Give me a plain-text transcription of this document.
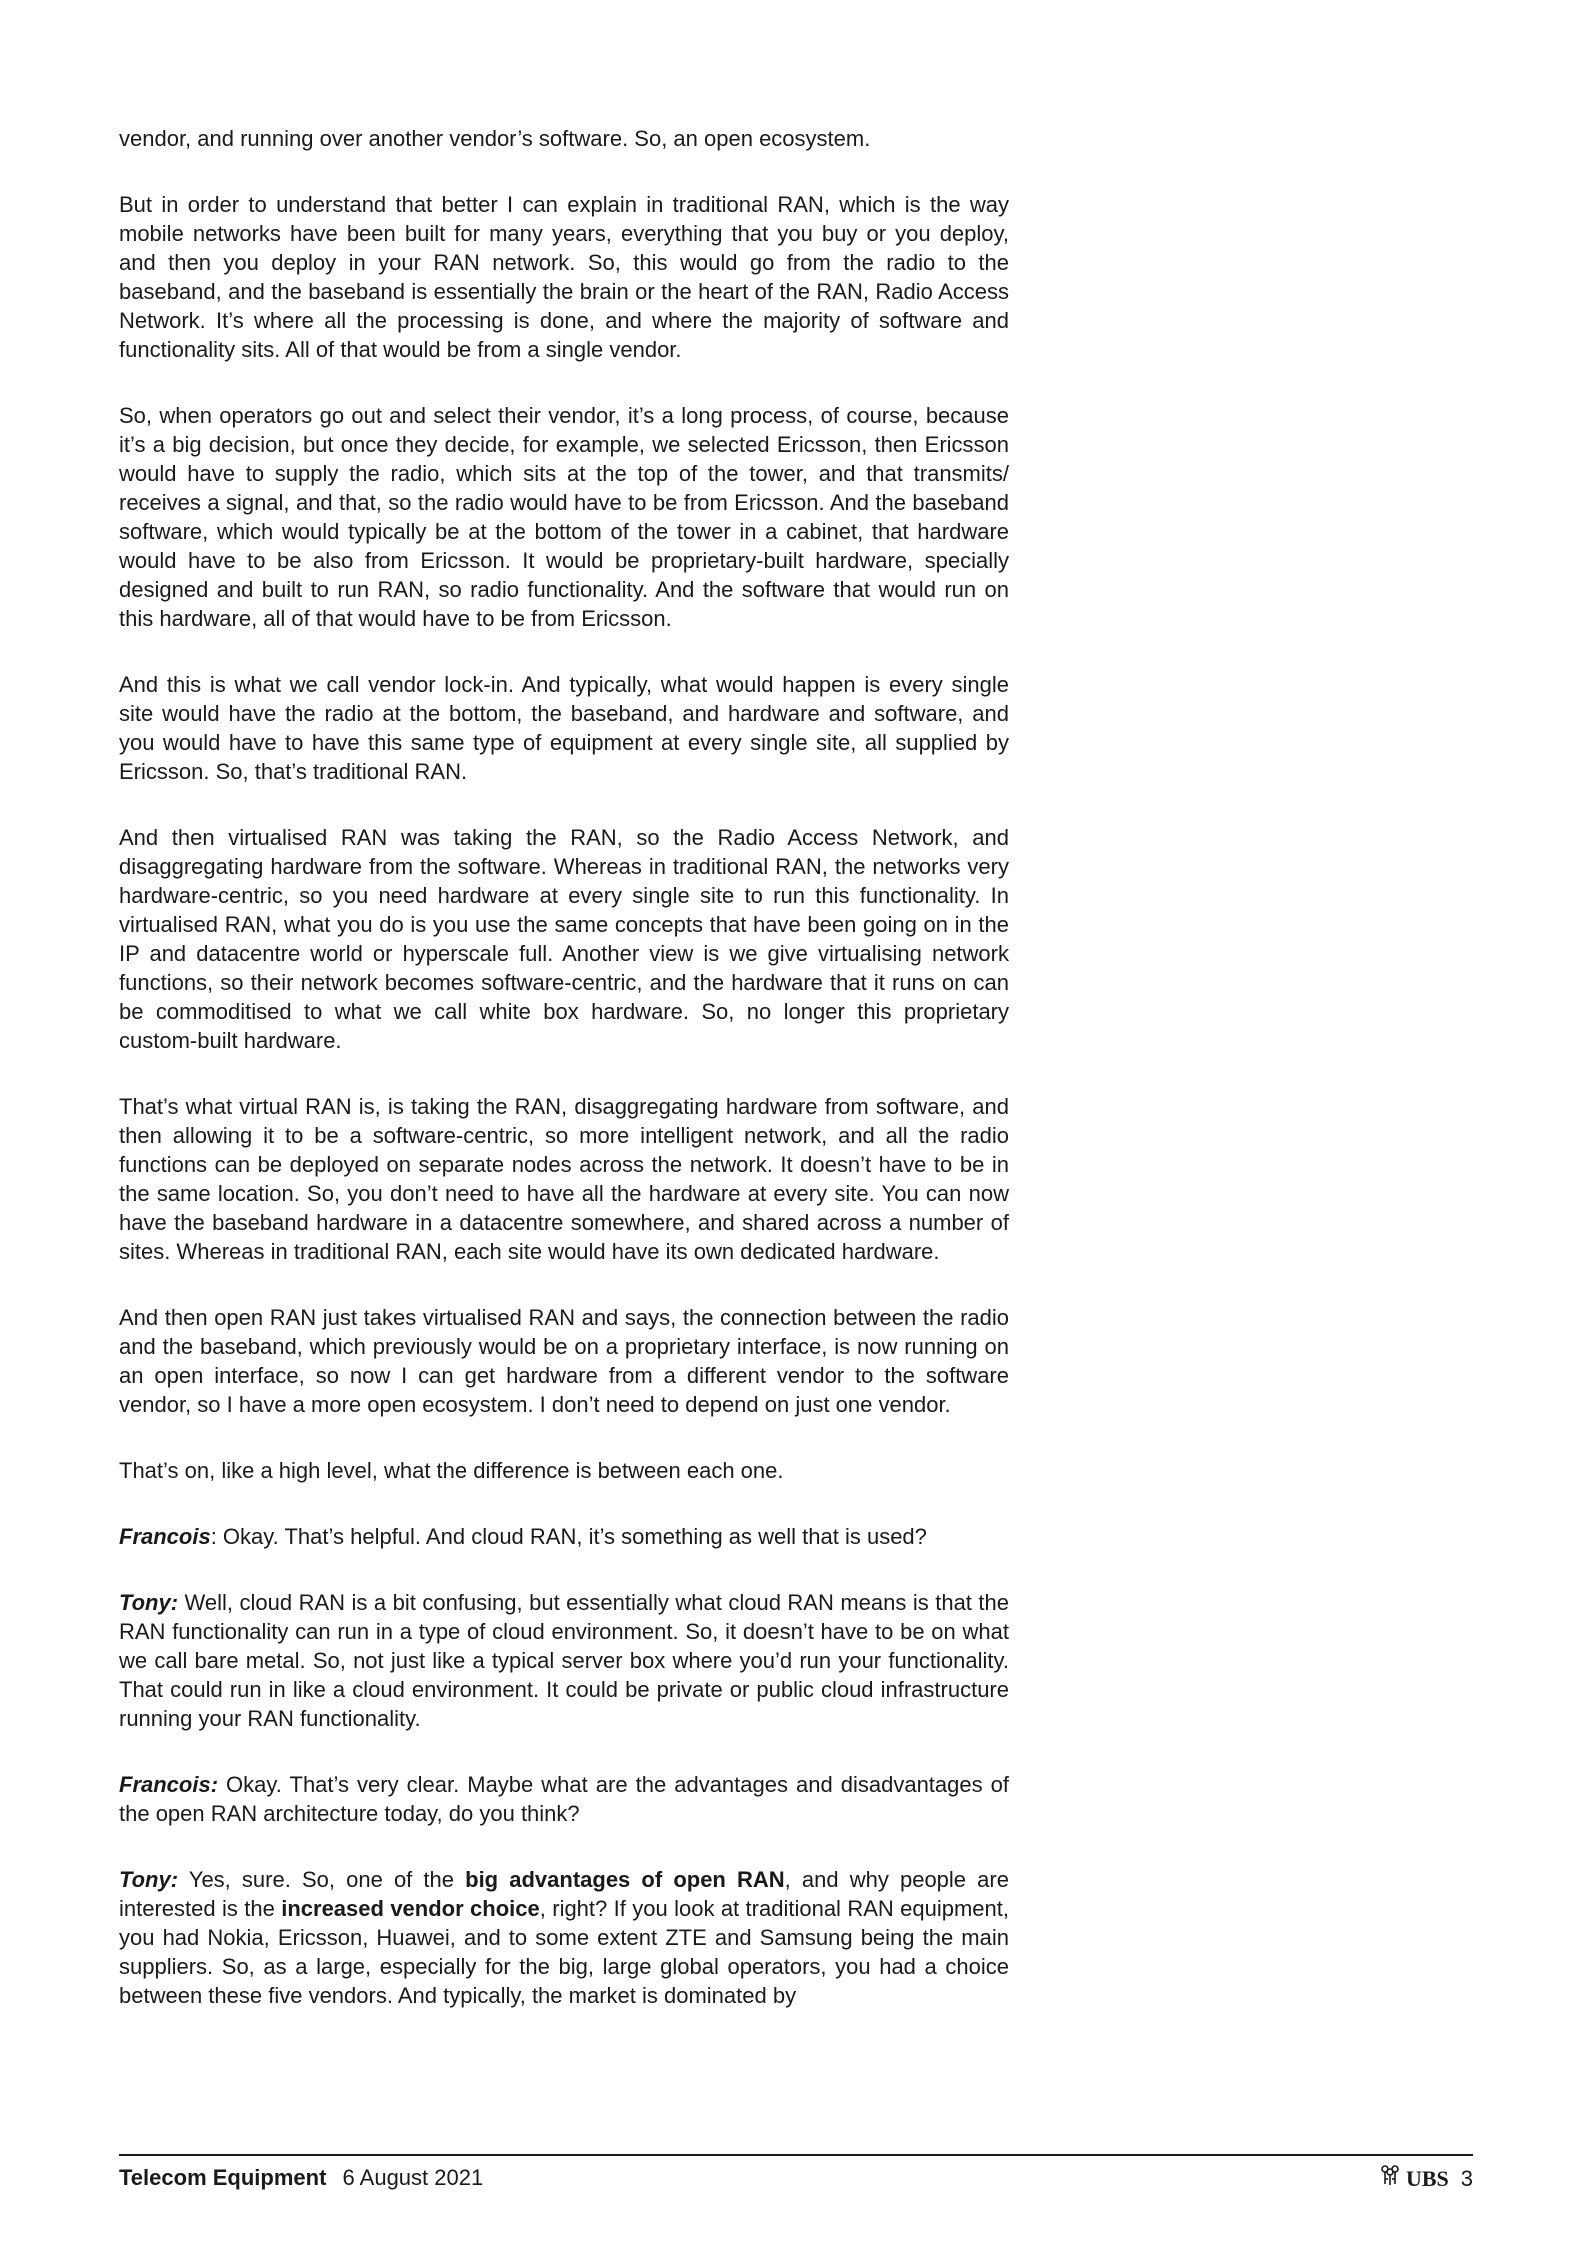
vendor, and running over another vendor’s software. So, an open ecosystem.

But in order to understand that better I can explain in traditional RAN, which is the way mobile networks have been built for many years, everything that you buy or you deploy, and then you deploy in your RAN network. So, this would go from the radio to the baseband, and the baseband is essentially the brain or the heart of the RAN, Radio Access Network. It’s where all the processing is done, and where the majority of software and functionality sits. All of that would be from a single vendor.

So, when operators go out and select their vendor, it’s a long process, of course, because it’s a big decision, but once they decide, for example, we selected Ericsson, then Ericsson would have to supply the radio, which sits at the top of the tower, and that transmits/ receives a signal, and that, so the radio would have to be from Ericsson. And the baseband software, which would typically be at the bottom of the tower in a cabinet, that hardware would have to be also from Ericsson. It would be proprietary-built hardware, specially designed and built to run RAN, so radio functionality. And the software that would run on this hardware, all of that would have to be from Ericsson.

And this is what we call vendor lock-in. And typically, what would happen is every single site would have the radio at the bottom, the baseband, and hardware and software, and you would have to have this same type of equipment at every single site, all supplied by Ericsson. So, that’s traditional RAN.

And then virtualised RAN was taking the RAN, so the Radio Access Network, and disaggregating hardware from the software. Whereas in traditional RAN, the networks very hardware-centric, so you need hardware at every single site to run this functionality. In virtualised RAN, what you do is you use the same concepts that have been going on in the IP and datacentre world or hyperscale full. Another view is we give virtualising network functions, so their network becomes software-centric, and the hardware that it runs on can be commoditised to what we call white box hardware. So, no longer this proprietary custom-built hardware.

That’s what virtual RAN is, is taking the RAN, disaggregating hardware from software, and then allowing it to be a software-centric, so more intelligent network, and all the radio functions can be deployed on separate nodes across the network. It doesn’t have to be in the same location. So, you don’t need to have all the hardware at every site. You can now have the baseband hardware in a datacentre somewhere, and shared across a number of sites. Whereas in traditional RAN, each site would have its own dedicated hardware.

And then open RAN just takes virtualised RAN and says, the connection between the radio and the baseband, which previously would be on a proprietary interface, is now running on an open interface, so now I can get hardware from a different vendor to the software vendor, so I have a more open ecosystem. I don’t need to depend on just one vendor.

That’s on, like a high level, what the difference is between each one.

Francois: Okay. That’s helpful. And cloud RAN, it’s something as well that is used?

Tony: Well, cloud RAN is a bit confusing, but essentially what cloud RAN means is that the RAN functionality can run in a type of cloud environment. So, it doesn’t have to be on what we call bare metal. So, not just like a typical server box where you’d run your functionality. That could run in like a cloud environment. It could be private or public cloud infrastructure running your RAN functionality.

Francois: Okay. That’s very clear. Maybe what are the advantages and disadvantages of the open RAN architecture today, do you think?

Tony: Yes, sure. So, one of the big advantages of open RAN, and why people are interested is the increased vendor choice, right? If you look at traditional RAN equipment, you had Nokia, Ericsson, Huawei, and to some extent ZTE and Samsung being the main suppliers. So, as a large, especially for the big, large global operators, you had a choice between these five vendors. And typically, the market is dominated by

Telecom Equipment 6 August 2021	UBS 3
